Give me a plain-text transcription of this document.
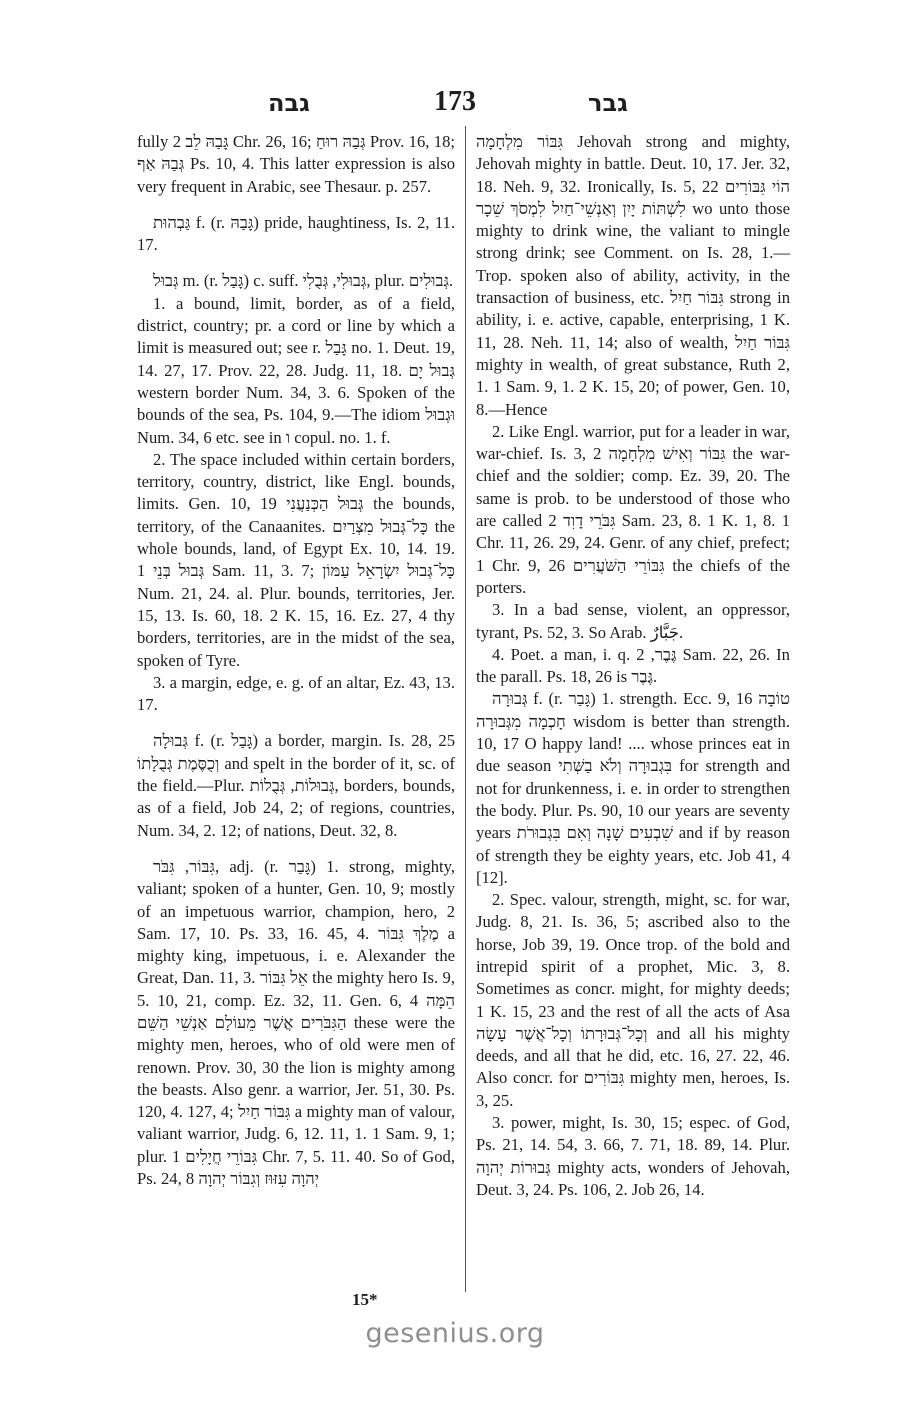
גבה	173	גבר

fully גָּבַהּ לֵב 2 Chr. 26, 16; גְּבַהּ רוּחַ Prov. 16, 18; גְּבַהּ אַף Ps. 10, 4. This latter expression is also very frequent in Arabic, see Thesaur. p. 257.

גַּבְהוּת f. (r. גָּבַהּ) pride, haughtiness, Is. 2, 11. 17.

גְּבוּל m. (r. גָּבַל) c. suff. גְּבוּלִי, גְּבֻלִי, plur. גְּבוּלִים.

1. a bound, limit, border, as of a field, district, country; pr. a cord or line by which a limit is measured out; see r. גָּבַל no. 1. Deut. 19, 14. 27, 17. Prov. 22, 28. Judg. 11, 18. גְּבוּל יָם western border Num. 34, 3. 6. Spoken of the bounds of the sea, Ps. 104, 9.—The idiom וּגְבוּל Num. 34, 6 etc. see in ו copul. no. 1. f.

2. The space included within certain borders, territory, country, district, like Engl. bounds, limits. Gen. 10, 19 גְּבוּל הַכְּנַעֲנִי the bounds, territory, of the Canaanites. כָּל־גְּבוּל מִצְרַיִם the whole bounds, land, of Egypt Ex. 10, 14. 19. גְּבוּל בְּנֵי 1 Sam. 11, 3. 7; כָּל־גְּבוּל יִשְׂרָאֵל עַמּוֹן Num. 21, 24. al. Plur. bounds, territories, Jer. 15, 13. Is. 60, 18. 2 K. 15, 16. Ez. 27, 4 thy borders, territories, are in the midst of the sea, spoken of Tyre.

3. a margin, edge, e. g. of an altar, Ez. 43, 13. 17.

גְּבוּלָה f. (r. גָּבַל) a border, margin. Is. 28, 25 וְכֻסֶּמֶת גְּבֻלָתוֹ and spelt in the border of it, sc. of the field.—Plur. גְּבוּלוֹת, גְּבֻלוֹת, borders, bounds, as of a field, Job 24, 2; of regions, countries, Num. 34, 2. 12; of nations, Deut. 32, 8.

גִּבּוֹר, גִּבֹּר, adj. (r. גָּבַר) 1. strong, mighty, valiant; spoken of a hunter, Gen. 10, 9; mostly of an impetuous warrior, champion, hero, 2 Sam. 17, 10. Ps. 33, 16. 45, 4. מֶלֶךְ גִּבּוֹר a mighty king, impetuous, i. e. Alexander the Great, Dan. 11, 3. אֵל גִּבּוֹר the mighty hero Is. 9, 5. 10, 21, comp. Ez. 32, 11. Gen. 6, 4 הֵמָּה הַגִּבֹּרִים אֲשֶׁר מֵעוֹלָם אַנְשֵׁי הַשֵּׁם these were the mighty men, heroes, who of old were men of renown. Prov. 30, 30 the lion is mighty among the beasts. Also genr. a warrior, Jer. 51, 30. Ps. 120, 4. 127, 4; גִּבּוֹר חַיִל a mighty man of valour, valiant warrior, Judg. 6, 12. 11, 1. 1 Sam. 9, 1; plur. גִּבּוֹרֵי חֲיָלִים 1 Chr. 7, 5. 11. 40. So of God, Ps. 24, 8 יְהוָה עִזּוּז וְגִבּוֹר יְהוָה

גִּבּוֹר מִלְחָמָה Jehovah strong and mighty, Jehovah mighty in battle. Deut. 10, 17. Jer. 32, 18. Neh. 9, 32. Ironically, Is. 5, 22 הוֹי גִּבּוֹרִים לִשְׁתּוֹת יָיִן וְאַנְשֵׁי־חַיִל לִמְסֹךְ שֵׁכָר wo unto those mighty to drink wine, the valiant to mingle strong drink; see Comment. on Is. 28, 1.—Trop. spoken also of ability, activity, in the transaction of business, etc. גִּבּוֹר חַיִל strong in ability, i. e. active, capable, enterprising, 1 K. 11, 28. Neh. 11, 14; also of wealth, גִּבּוֹר חַיִל mighty in wealth, of great substance, Ruth 2, 1. 1 Sam. 9, 1. 2 K. 15, 20; of power, Gen. 10, 8.—Hence

2. Like Engl. warrior, put for a leader in war, war-chief. Is. 3, 2 גִּבּוֹר וְאִישׁ מִלְחָמָה the war-chief and the soldier; comp. Ez. 39, 20. The same is prob. to be understood of those who are called גִּבֹּרֵי דָוִד 2 Sam. 23, 8. 1 K. 1, 8. 1 Chr. 11, 26. 29, 24. Genr. of any chief, prefect; 1 Chr. 9, 26 גִּבּוֹרֵי הַשֹּׁעֲרִים the chiefs of the porters.

3. In a bad sense, violent, an oppressor, tyrant, Ps. 52, 3. So Arab. جَبَّارٌ.

4. Poet. a man, i. q. גֶּבֶר, 2 Sam. 22, 26. In the parall. Ps. 18, 26 is גֶּבֶר.

גְּבוּרָה f. (r. גָּבַר) 1. strength. Ecc. 9, 16 טוֹבָה חָכְמָה מִגְּבוּרָה wisdom is better than strength. 10, 17 O happy land! .... whose princes eat in due season בִּגְבוּרָה וְלֹא בַשְּׁתִי for strength and not for drunkenness, i. e. in order to strengthen the body. Plur. Ps. 90, 10 our years are seventy years שִׁבְעִים שָׁנָה וְאִם בִּגְבוּרֹת and if by reason of strength they be eighty years, etc. Job 41, 4 [12].

2. Spec. valour, strength, might, sc. for war, Judg. 8, 21. Is. 36, 5; ascribed also to the horse, Job 39, 19. Once trop. of the bold and intrepid spirit of a prophet, Mic. 3, 8. Sometimes as concr. might, for mighty deeds; 1 K. 15, 23 and the rest of all the acts of Asa וְכָל־גְּבוּרָתוֹ וְכָל־אֲשֶׁר עָשָׂה and all his mighty deeds, and all that he did, etc. 16, 27. 22, 46. Also concr. for גִּבּוֹרִים mighty men, heroes, Is. 3, 25.

3. power, might, Is. 30, 15; espec. of God, Ps. 21, 14. 54, 3. 66, 7. 71, 18. 89, 14. Plur. גְּבוּרוֹת יְהוָה mighty acts, wonders of Jehovah, Deut. 3, 24. Ps. 106, 2. Job 26, 14.

15*
gesenius.org
